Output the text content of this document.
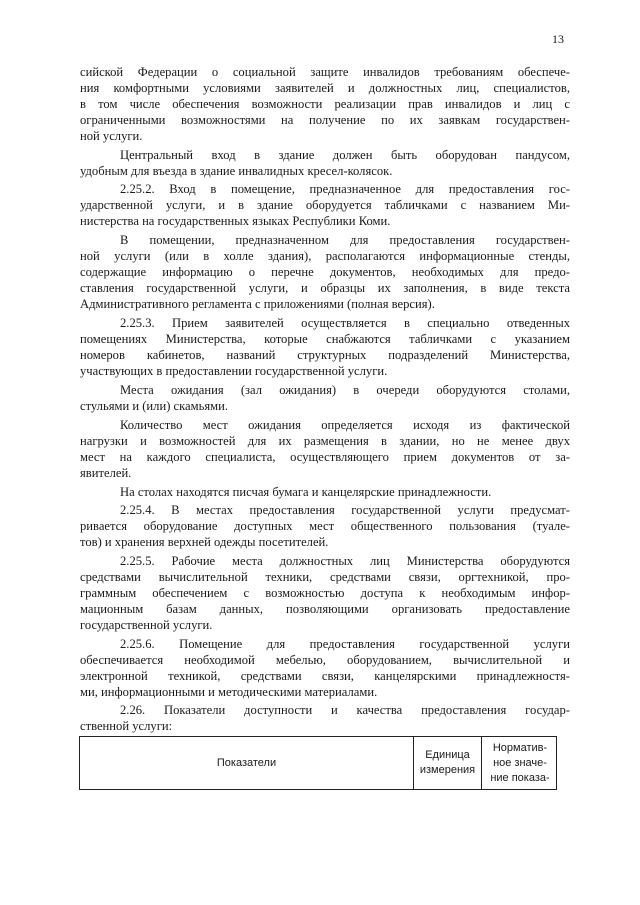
13
сийской Федерации о социальной защите инвалидов требованиям обеспече-
ния комфортными условиями заявителей и должностных лиц, специалистов,
в том числе обеспечения возможности реализации прав инвалидов и лиц с
ограниченными возможностями на получение по их заявкам государствен-
ной услуги.
Центральный вход в здание должен быть оборудован пандусом,
удобным для въезда в здание инвалидных кресел-колясок.
2.25.2. Вход в помещение, предназначенное для предоставления гос-
ударственной услуги, и в здание оборудуется табличками с названием Ми-
нистерства на государственных языках Республики Коми.
В помещении, предназначенном для предоставления государствен-
ной услуги (или в холле здания), располагаются информационные стенды,
содержащие информацию о перечне документов, необходимых для предо-
ставления государственной услуги, и образцы их заполнения, в виде текста
Административного регламента с приложениями (полная версия).
2.25.3. Прием заявителей осуществляется в специально отведенных
помещениях Министерства, которые снабжаются табличками с указанием
номеров кабинетов, названий структурных подразделений Министерства,
участвующих в предоставлении государственной услуги.
Места ожидания (зал ожидания) в очереди оборудуются столами,
стульями и (или) скамьями.
Количество мест ожидания определяется исходя из фактической
нагрузки и возможностей для их размещения в здании, но не менее двух
мест на каждого специалиста, осуществляющего прием документов от за-
явителей.
На столах находятся писчая бумага и канцелярские принадлежности.
2.25.4. В местах предоставления государственной услуги предусмат-
ривается оборудование доступных мест общественного пользования (туале-
тов) и хранения верхней одежды посетителей.
2.25.5. Рабочие места должностных лиц Министерства оборудуются
средствами вычислительной техники, средствами связи, оргтехникой, про-
граммным обеспечением с возможностью доступа к необходимым инфор-
мационным базам данных, позволяющими организовать предоставление
государственной услуги.
2.25.6. Помещение для предоставления государственной услуги
обеспечивается необходимой мебелью, оборудованием, вычислительной и
электронной техникой, средствами связи, канцелярскими принадлежностя-
ми, информационными и методическими материалами.
2.26. Показатели доступности и качества предоставления государ-
ственной услуги:
Показатели
Единица
измерения
Норматив-
ное значе-
ние показа-
